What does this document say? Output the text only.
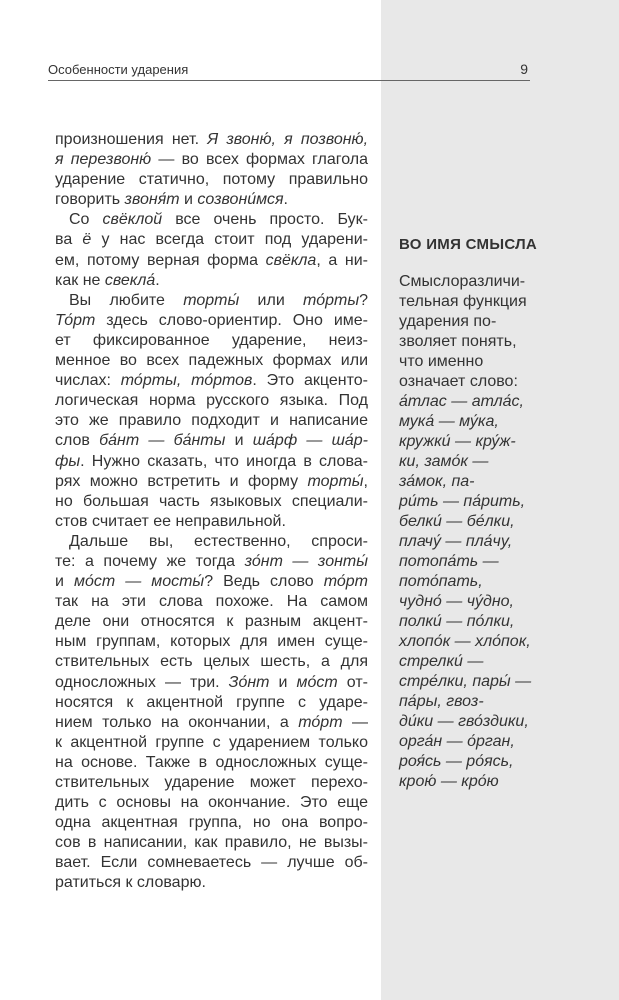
Особенности ударения	9
произношения нет. Я звоню́, я позвоню́,
я перезвоню́ — во всех формах глагола
ударение статично, потому правильно
говорить звоня́т и созвони́мся.
Со свёклой все очень просто. Бук-
ва ё у нас всегда стоит под ударени-
ем, потому верная форма свёкла, а ни-
как не свекла́.
Вы любите торты́ или то́рты?
То́рт здесь слово-ориентир. Оно име-
ет фиксированное ударение, неиз-
менное во всех падежных формах или
числах: то́рты, то́ртов. Это акценто-
логическая норма русского языка. Под
это же правило подходит и написание
слов ба́нт — ба́нты и ша́рф — ша́р-
фы. Нужно сказать, что иногда в слова-
рях можно встретить и форму торты́,
но большая часть языковых специали-
стов считает ее неправильной.
Дальше вы, естественно, спроси-
те: а почему же тогда зо́нт — зонты́
и мо́ст — мосты́? Ведь слово то́рт
так на эти слова похоже. На самом
деле они относятся к разным акцент-
ным группам, которых для имен суще-
ствительных есть целых шесть, а для
односложных — три. Зо́нт и мо́ст от-
носятся к акцентной группе с ударе-
нием только на окончании, а то́рт —
к акцентной группе с ударением только
на основе. Также в односложных суще-
ствительных ударение может перехо-
дить с основы на окончание. Это еще
одна акцентная группа, но она вопро-
сов в написании, как правило, не вызы-
вает. Если сомневаетесь — лучше об-
ратиться к словарю.
ВО ИМЯ СМЫСЛА
Смыслоразличи-
тельная функция
ударения по-
зволяет понять,
что именно
означает слово:
а́тлас — атла́с,
мука́ — му́ка,
кружки́ — кру́ж-
ки, замо́к —
за́мок, па-
ри́ть — па́рить,
белки́ — бе́лки,
плачу́ — пла́чу,
потопа́ть —
пото́пать,
чудно́ — чу́дно,
полки́ — по́лки,
хлопо́к — хло́пок,
стрелки́ —
стре́лки, пары́ —
па́ры, гвоз-
ди́ки — гво́здики,
орга́н — о́рган,
роя́сь — ро́ясь,
крою́ — кро́ю
